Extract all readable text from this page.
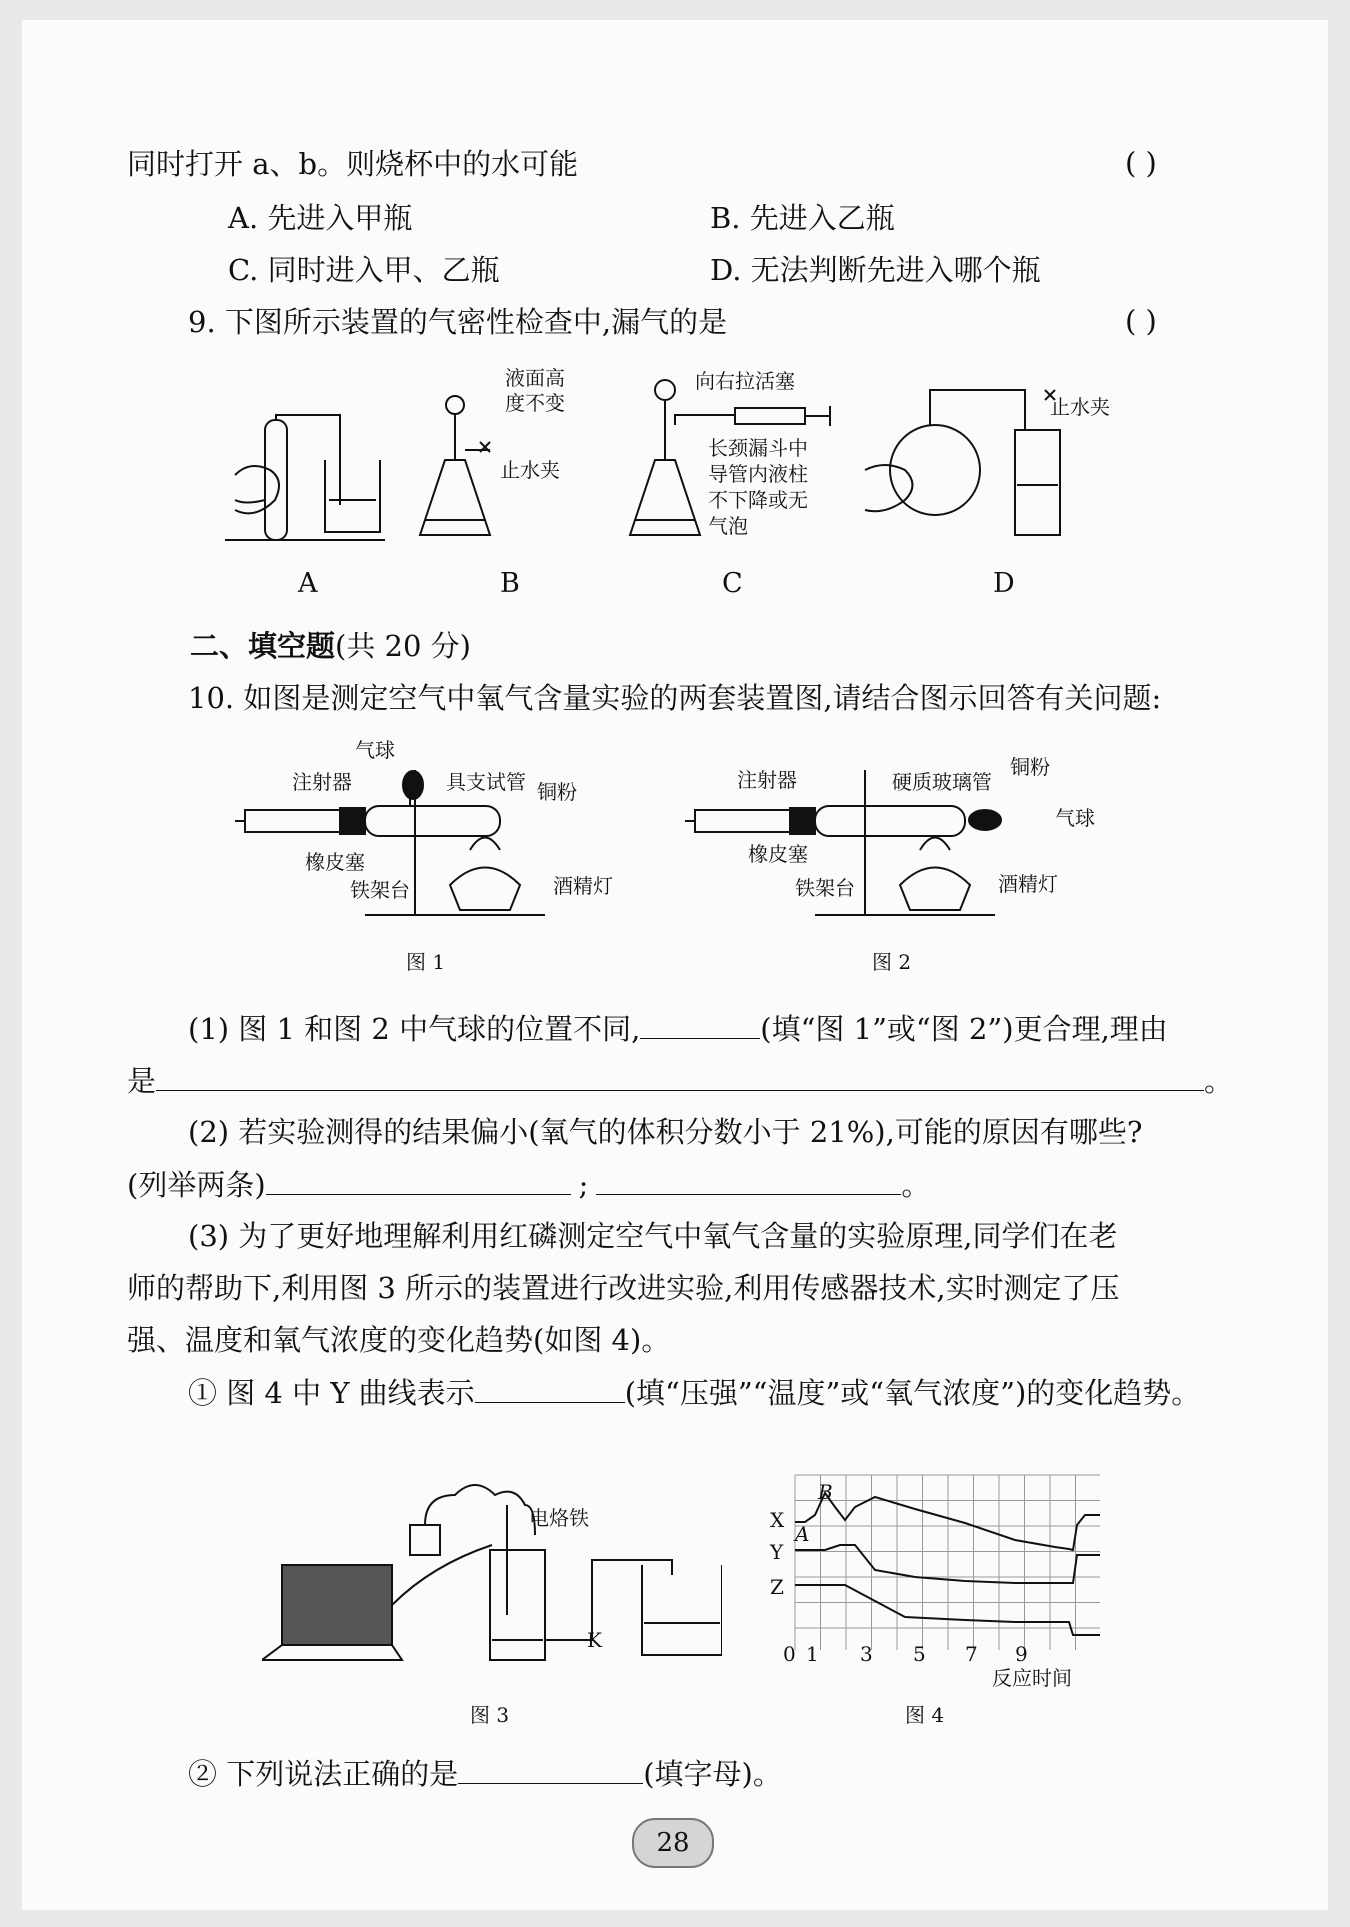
同时打开 a、b。则烧杯中的水可能	( )
A. 先进入甲瓶	B. 先进入乙瓶
C. 同时进入甲、乙瓶	D. 无法判断先进入哪个瓶
9. 下图所示装置的气密性检查中,漏气的是	( )
液面高
度不变
止水夹
向右拉活塞
长颈漏斗中
导管内液柱
不下降或无
气泡
止水夹
A	B	C	D
二、填空题(共 20 分)
10. 如图是测定空气中氧气含量实验的两套装置图,请结合图示回答有关问题:
气球
注射器	具支试管 铜粉
橡皮塞
铁架台	酒精灯
图 1
注射器	硬质玻璃管
铜粉
气球
橡皮塞
铁架台	酒精灯
图 2
(1) 图 1 和图 2 中气球的位置不同,	(填“图 1”或“图 2”)更合理,理由
是	。
(2) 若实验测得的结果偏小(氧气的体积分数小于 21%),可能的原因有哪些?
(列举两条)	;	。
(3) 为了更好地理解利用红磷测定空气中氧气含量的实验原理,同学们在老
师的帮助下,利用图 3 所示的装置进行改进实验,利用传感器技术,实时测定了压
强、温度和氧气浓度的变化趋势(如图 4)。
① 图 4 中 Y 曲线表示	(填“压强”“温度”或“氧气浓度”)的变化趋势。
电烙铁
K
图 3
X
Y
Z
A
B
0 1 3 5 7 9
反应时间
图 4
② 下列说法正确的是	(填字母)。
28
